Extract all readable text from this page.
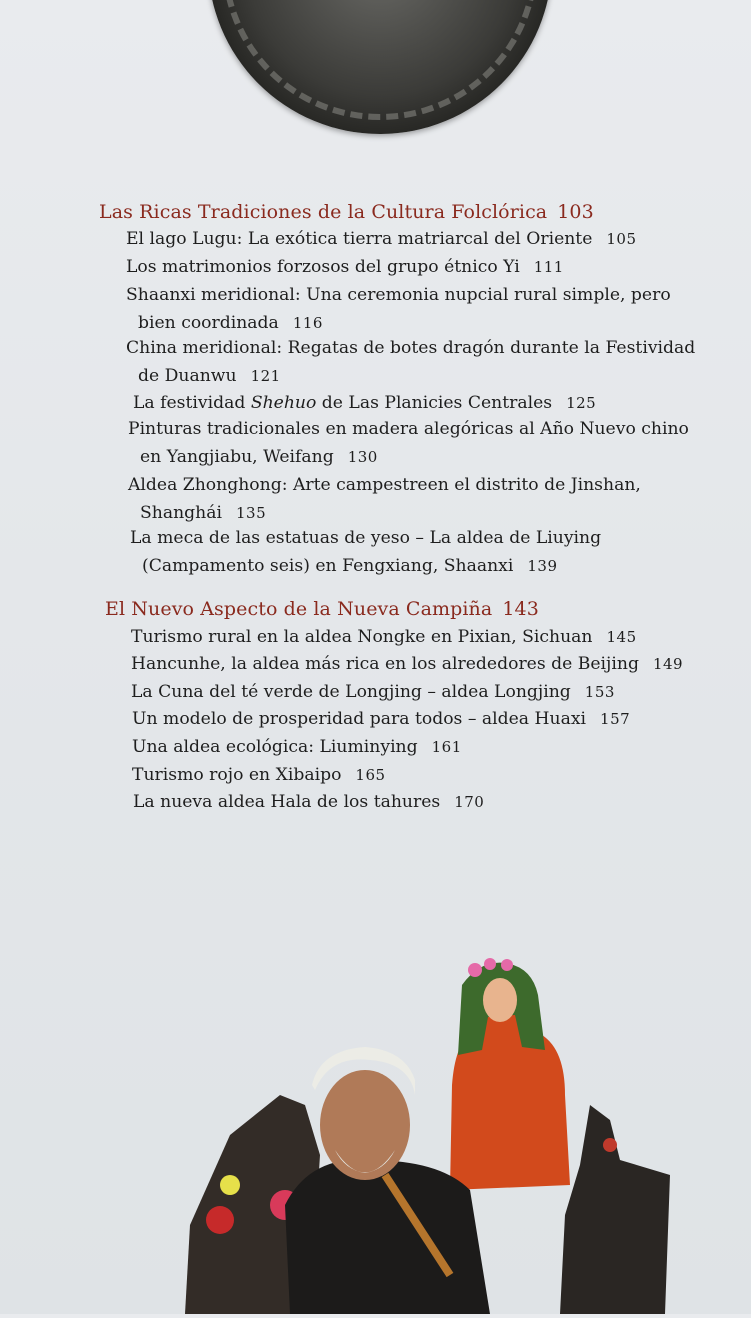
Las Ricas Tradiciones de la Cultura Folclórica 103
El lago Lugu: La exótica tierra matriarcal del Oriente 105
Los matrimonios forzosos del grupo étnico Yi 111
Shaanxi meridional: Una ceremonia nupcial rural simple, pero
bien coordinada 116
China meridional: Regatas de botes dragón durante la Festividad
de Duanwu 121
La festividad Shehuo de Las Planicies Centrales 125
Pinturas tradicionales en madera alegóricas al Año Nuevo chino
en Yangjiabu, Weifang 130
Aldea Zhonghong: Arte campestreen el distrito de Jinshan,
Shanghái 135
La meca de las estatuas de yeso – La aldea de Liuying
(Campamento seis) en Fengxiang, Shaanxi 139
El Nuevo Aspecto de la Nueva Campiña 143
Turismo rural en la aldea Nongke en Pixian, Sichuan 145
Hancunhe, la aldea más rica en los alrededores de Beijing 149
La Cuna del té verde de Longjing – aldea Longjing 153
Un modelo de prosperidad para todos – aldea Huaxi 157
Una aldea ecológica: Liuminying 161
Turismo rojo en Xibaipo 165
La nueva aldea Hala de los tahures 170
